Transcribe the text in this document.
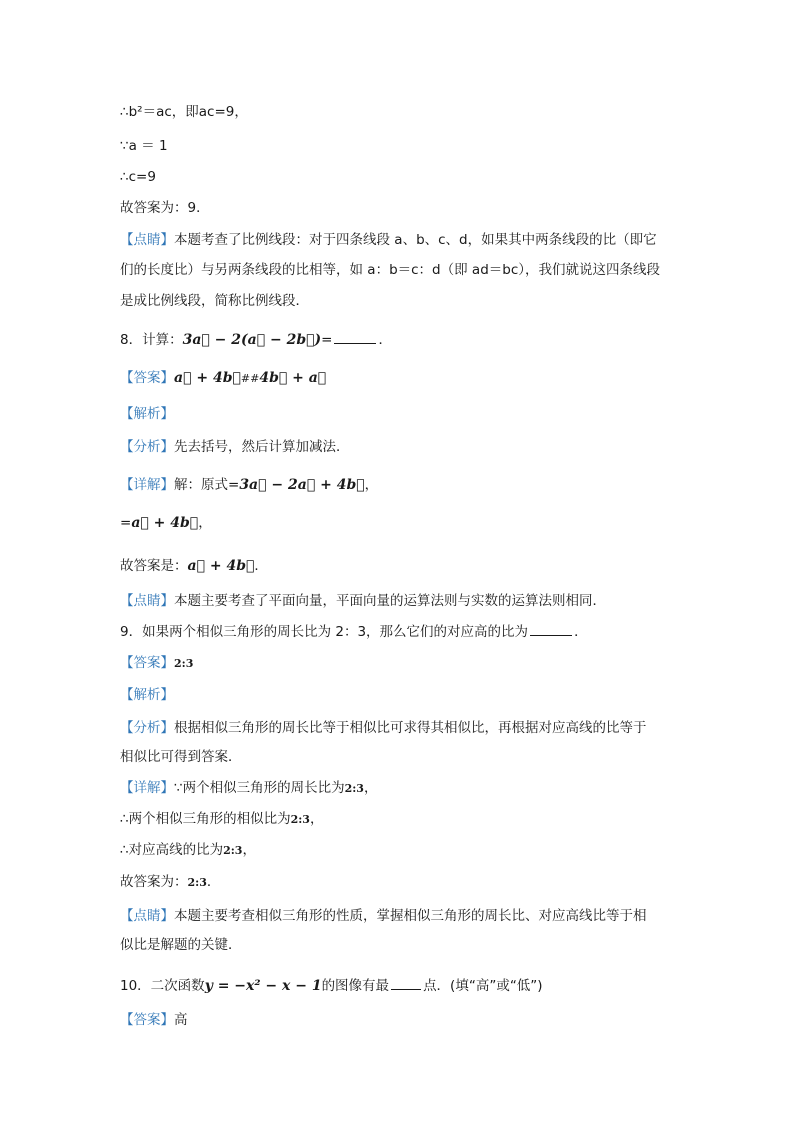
∴b²＝ac，即ac=9，
∵a ＝ 1
∴c=9
故答案为：9．
【点睛】本题考查了比例线段：对于四条线段 a、b、c、d，如果其中两条线段的比（即它
们的长度比）与另两条线段的比相等，如 a：b＝c：d（即 ad＝bc），我们就说这四条线段
是成比例线段，简称比例线段．
8．计算：3a⃗ − 2(a⃗ − 2b⃗)=	．
【答案】a⃗ + 4b⃗##4b⃗ + a⃗
【解析】
【分析】先去括号，然后计算加减法．
【详解】解：原式=3a⃗ − 2a⃗ + 4b⃗，
=a⃗ + 4b⃗，
故答案是：a⃗ + 4b⃗．
【点睛】本题主要考查了平面向量，平面向量的运算法则与实数的运算法则相同．
9．如果两个相似三角形的周长比为 2：3，那么它们的对应高的比为	．
【答案】2:3
【解析】
【分析】根据相似三角形的周长比等于相似比可求得其相似比，再根据对应高线的比等于
相似比可得到答案．
【详解】∵两个相似三角形的周长比为2:3，
∴两个相似三角形的相似比为2:3，
∴对应高线的比为2:3，
故答案为：2:3．
【点睛】本题主要考查相似三角形的性质，掌握相似三角形的周长比、对应高线比等于相
似比是解题的关键．
10．二次函数y = −x² − x − 1的图像有最	点．(填“高”或“低”)
【答案】高
